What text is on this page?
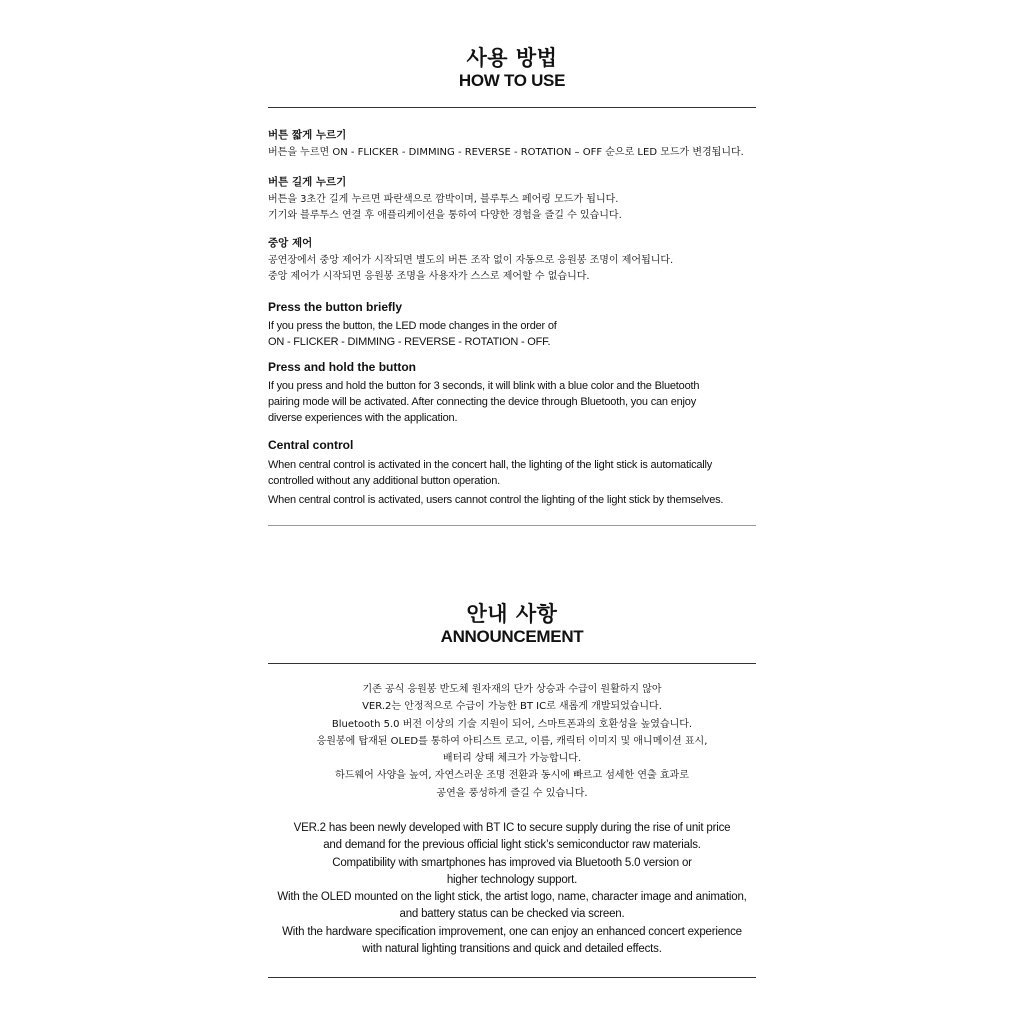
사용 방법
HOW TO USE
버튼 짧게 누르기
버튼을 누르면 ON - FLICKER - DIMMING - REVERSE - ROTATION – OFF 순으로 LED 모드가 변경됩니다.
버튼 길게 누르기
버튼을 3초간 길게 누르면 파란색으로 깜박이며, 블루투스 페어링 모드가 됩니다.
기기와 블루투스 연결 후 애플리케이션을 통하여 다양한 경험을 즐길 수 있습니다.
중앙 제어
공연장에서 중앙 제어가 시작되면 별도의 버튼 조작 없이 자동으로 응원봉 조명이 제어됩니다.
중앙 제어가 시작되면 응원봉 조명을 사용자가 스스로 제어할 수 없습니다.
Press the button briefly
If you press the button, the LED mode changes in the order of
ON - FLICKER - DIMMING - REVERSE - ROTATION - OFF.
Press and hold the button
If you press and hold the button for 3 seconds, it will blink with a blue color and the Bluetooth
pairing mode will be activated. After connecting the device through Bluetooth, you can enjoy
diverse experiences with the application.
Central control
When central control is activated in the concert hall, the lighting of the light stick is automatically
controlled without any additional button operation.
When central control is activated, users cannot control the lighting of the light stick by themselves.
안내 사항
ANNOUNCEMENT
기존 공식 응원봉 반도체 원자재의 단가 상승과 수급이 원활하지 않아
VER.2는 안정적으로 수급이 가능한 BT IC로 새롭게 개발되었습니다.
Bluetooth 5.0 버전 이상의 기술 지원이 되어, 스마트폰과의 호환성을 높였습니다.
응원봉에 탑재된 OLED를 통하여 아티스트 로고, 이름, 캐릭터 이미지 및 애니메이션 표시,
배터리 상태 체크가 가능합니다.
하드웨어 사양을 높여, 자연스러운 조명 전환과 동시에 빠르고 섬세한 연출 효과로
공연을 풍성하게 즐길 수 있습니다.
VER.2 has been newly developed with BT IC to secure supply during the rise of unit price
and demand for the previous official light stick’s semiconductor raw materials.
Compatibility with smartphones has improved via Bluetooth 5.0 version or
higher technology support.
With the OLED mounted on the light stick, the artist logo, name, character image and animation,
and battery status can be checked via screen.
With the hardware specification improvement, one can enjoy an enhanced concert experience
with natural lighting transitions and quick and detailed effects.
